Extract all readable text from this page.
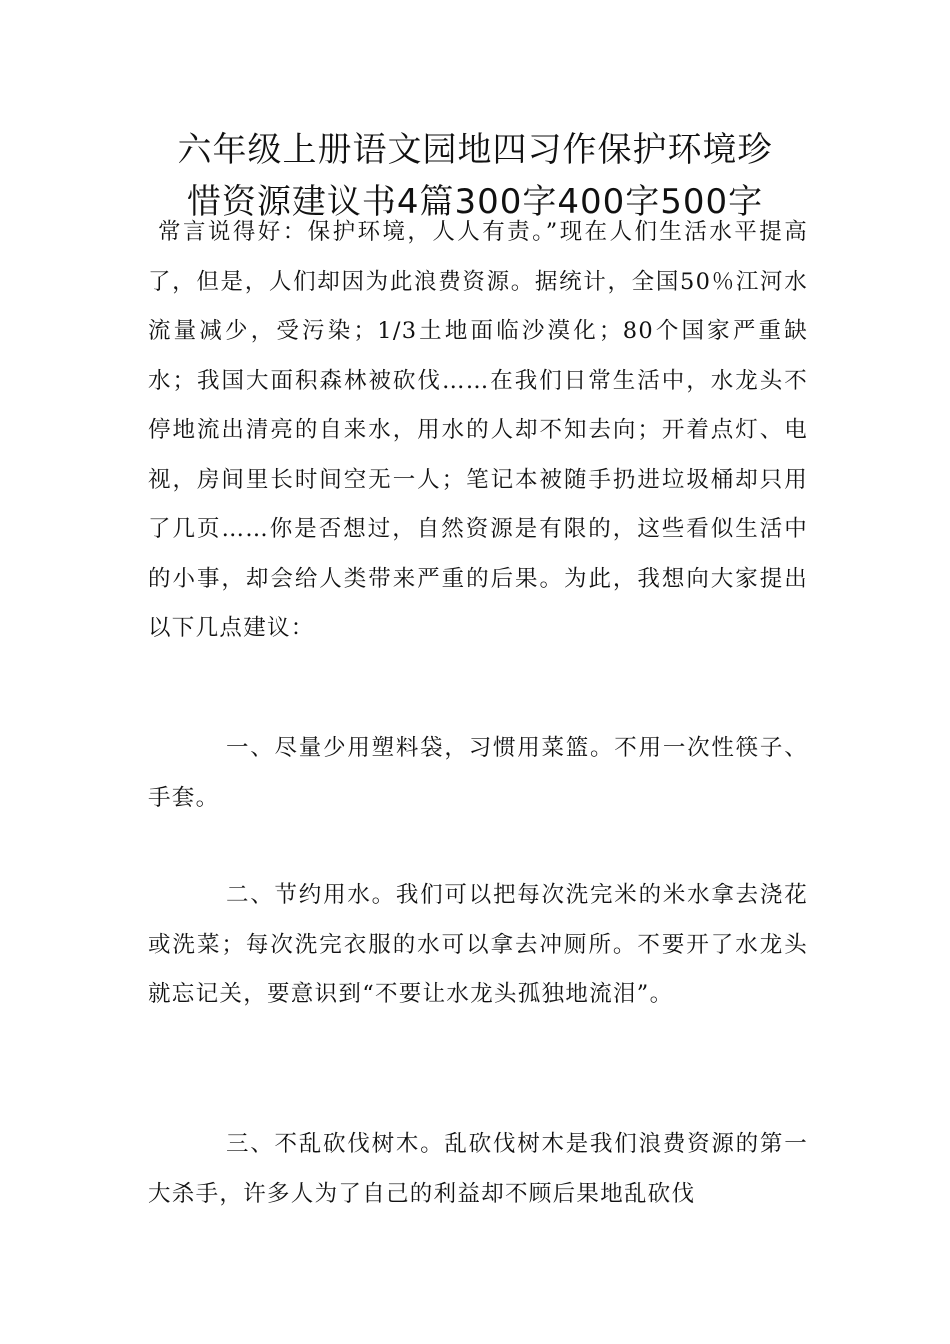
六年级上册语文园地四习作保护环境珍
惜资源建议书4篇300字400字500字

常言说得好：保护环境，人人有责。”现在人们生活水平提高了，但是，人们却因为此浪费资源。据统计，全国50％江河水流量减少，受污染；1/3土地面临沙漠化；80个国家严重缺水；我国大面积森林被砍伐……在我们日常生活中，水龙头不停地流出清亮的自来水，用水的人却不知去向；开着点灯、电视，房间里长时间空无一人；笔记本被随手扔进垃圾桶却只用了几页……你是否想过，自然资源是有限的，这些看似生活中的小事，却会给人类带来严重的后果。为此，我想向大家提出以下几点建议：

一、尽量少用塑料袋，习惯用菜篮。不用一次性筷子、手套。

二、节约用水。我们可以把每次洗完米的米水拿去浇花或洗菜；每次洗完衣服的水可以拿去冲厕所。不要开了水龙头就忘记关，要意识到“不要让水龙头孤独地流泪”。

三、不乱砍伐树木。乱砍伐树木是我们浪费资源的第一大杀手，许多人为了自己的利益却不顾后果地乱砍伐
